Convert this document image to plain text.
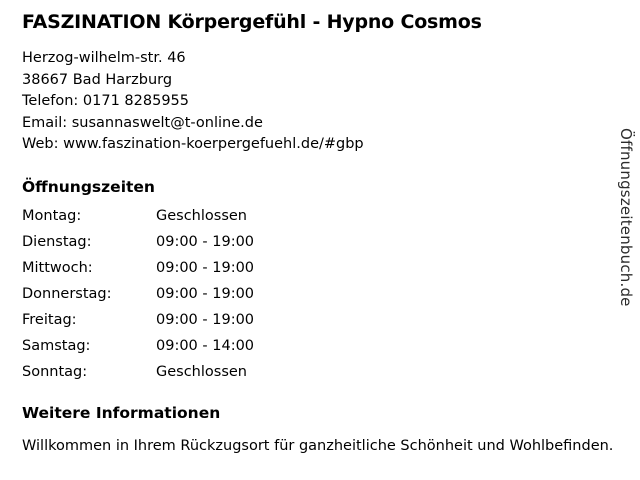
FASZINATION Körpergefühl - Hypno Cosmos
Herzog-wilhelm-str. 46
38667 Bad Harzburg
Telefon: 0171 8285955
Email: susannaswelt@t-online.de
Web: www.faszination-koerpergefuehl.de/#gbp
Öffnungszeiten
Montag:	Geschlossen
Dienstag:	09:00 - 19:00
Mittwoch:	09:00 - 19:00
Donnerstag:	09:00 - 19:00
Freitag:	09:00 - 19:00
Samstag:	09:00 - 14:00
Sonntag:	Geschlossen
Weitere Informationen
Willkommen in Ihrem Rückzugsort für ganzheitliche Schönheit und Wohlbefinden.
Öffnungszeitenbuch.de
